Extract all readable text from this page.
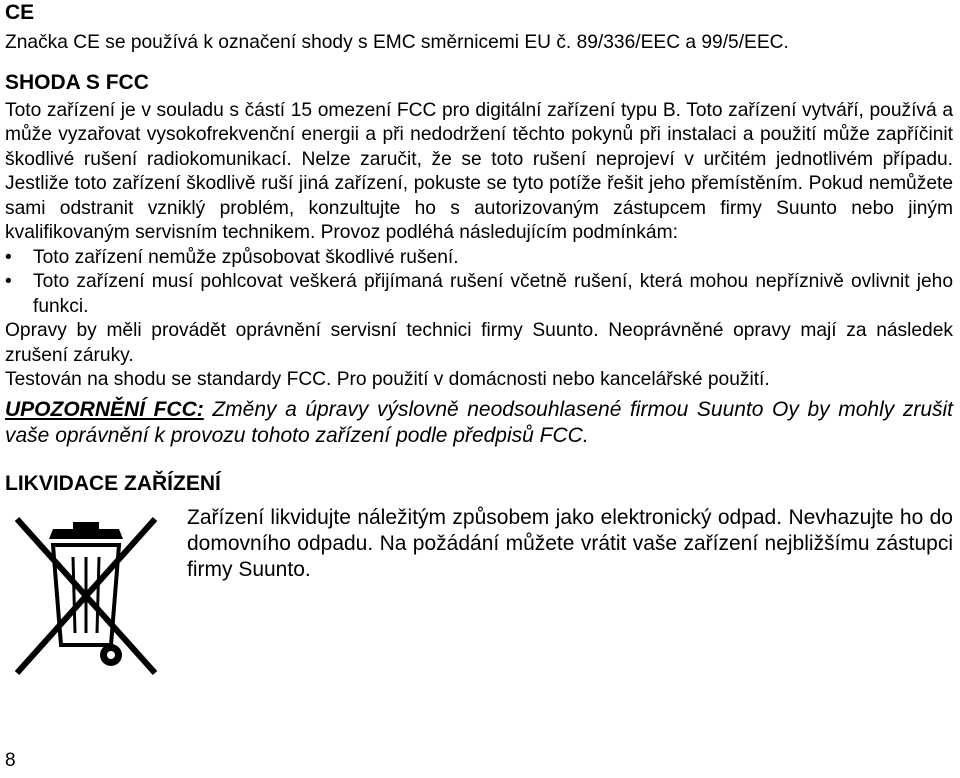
CE

Značka CE se používá k označení shody s EMC směrnicemi EU č. 89/336/EEC a 99/5/EEC.

SHODA S FCC

Toto zařízení je v souladu s částí 15 omezení FCC pro digitální zařízení typu B. Toto zařízení vytváří, používá a může vyzařovat vysokofrekvenční energii a při nedodržení těchto pokynů při instalaci a použití může zapříčinit škodlivé rušení radiokomunikací. Nelze zaručit, že se toto rušení neprojeví v určitém jednotlivém případu. Jestliže toto zařízení škodlivě ruší jiná zařízení, pokuste se tyto potíže řešit jeho přemístěním. Pokud nemůžete sami odstranit vzniklý problém, konzultujte ho s autorizovaným zástupcem firmy Suunto nebo jiným kvalifikovaným servisním technikem. Provoz podléhá následujícím podmínkám:

• Toto zařízení nemůže způsobovat škodlivé rušení.
• Toto zařízení musí pohlcovat veškerá přijímaná rušení včetně rušení, která mohou nepříznivě ovlivnit jeho funkci.

Opravy by měli provádět oprávnění servisní technici firmy Suunto. Neoprávněné opravy mají za následek zrušení záruky.

Testován na shodu se standardy FCC. Pro použití v domácnosti nebo kancelářské použití.

UPOZORNĚNÍ FCC: Změny a úpravy výslovně neodsouhlasené firmou Suunto Oy by mohly zrušit vaše oprávnění k provozu tohoto zařízení podle předpisů FCC.

LIKVIDACE ZAŘÍZENÍ
Zařízení likvidujte náležitým způsobem jako elektronický odpad. Nevhazujte ho do domovního odpadu. Na požádání můžete vrátit vaše zařízení nejbližšímu zástupci firmy Suunto.
8
